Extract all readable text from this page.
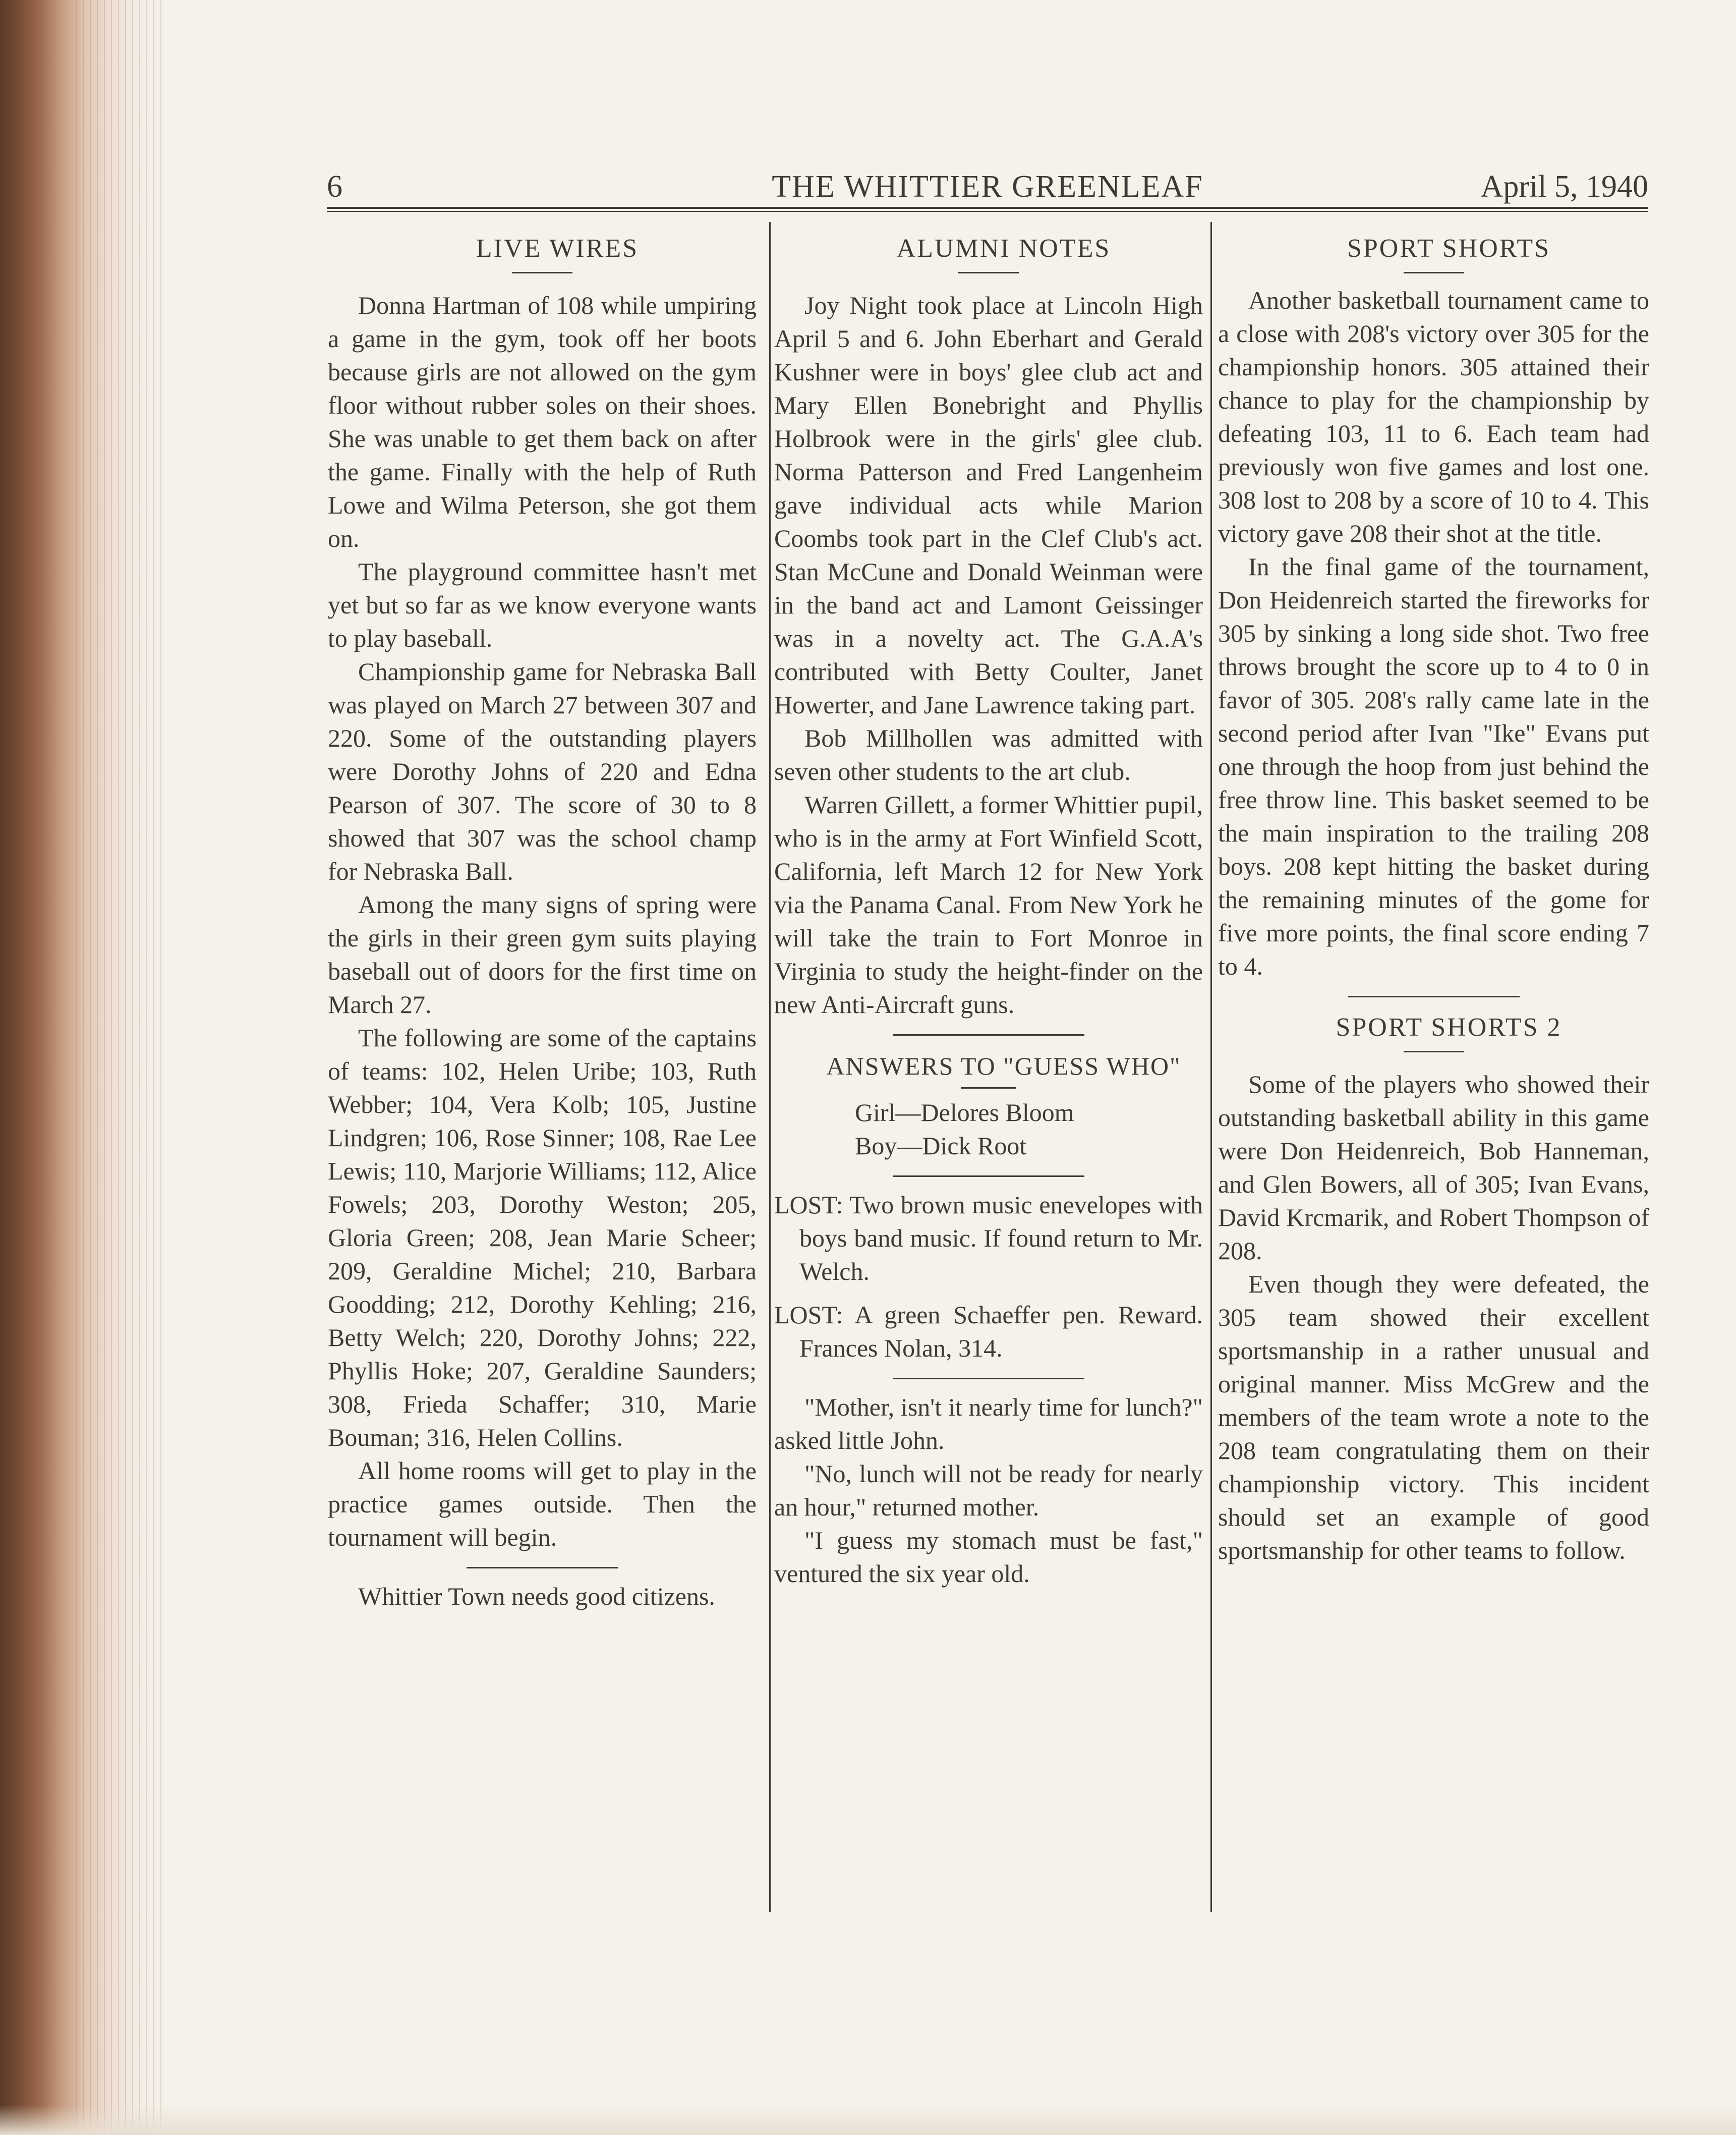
6	THE WHITTIER GREENLEAF	April 5, 1940

LIVE WIRES

Donna Hartman of 108 while umpiring a game in the gym, took off her boots because girls are not allowed on the gym floor without rubber soles on their shoes. She was unable to get them back on after the game. Finally with the help of Ruth Lowe and Wilma Peterson, she got them on.

The playground committee hasn't met yet but so far as we know everyone wants to play baseball.

Championship game for Nebraska Ball was played on March 27 between 307 and 220. Some of the outstanding players were Dorothy Johns of 220 and Edna Pearson of 307. The score of 30 to 8 showed that 307 was the school champ for Nebraska Ball.

Among the many signs of spring were the girls in their green gym suits playing baseball out of doors for the first time on March 27.

The following are some of the captains of teams: 102, Helen Uribe; 103, Ruth Webber; 104, Vera Kolb; 105, Justine Lindgren; 106, Rose Sinner; 108, Rae Lee Lewis; 110, Marjorie Williams; 112, Alice Fowels; 203, Dorothy Weston; 205, Gloria Green; 208, Jean Marie Scheer; 209, Geraldine Michel; 210, Barbara Goodding; 212, Dorothy Kehling; 216, Betty Welch; 220, Dorothy Johns; 222, Phyllis Hoke; 207, Geraldine Saunders; 308, Frieda Schaffer; 310, Marie Bouman; 316, Helen Collins.

All home rooms will get to play in the practice games outside. Then the tournament will begin.

Whittier Town needs good citizens.

ALUMNI NOTES

Joy Night took place at Lincoln High April 5 and 6. John Eberhart and Gerald Kushner were in boys' glee club act and Mary Ellen Bonebright and Phyllis Holbrook were in the girls' glee club. Norma Patterson and Fred Langenheim gave individual acts while Marion Coombs took part in the Clef Club's act. Stan McCune and Donald Weinman were in the band act and Lamont Geissinger was in a novelty act. The G.A.A's contributed with Betty Coulter, Janet Howerter, and Jane Lawrence taking part.

Bob Millhollen was admitted with seven other students to the art club.

Warren Gillett, a former Whittier pupil, who is in the army at Fort Winfield Scott, California, left March 12 for New York via the Panama Canal. From New York he will take the train to Fort Monroe in Virginia to study the height-finder on the new Anti-Aircraft guns.

ANSWERS TO "GUESS WHO"

Girl—Delores Bloom
Boy—Dick Root

LOST: Two brown music enevelopes with boys band music. If found return to Mr. Welch.

LOST: A green Schaeffer pen. Reward. Frances Nolan, 314.

"Mother, isn't it nearly time for lunch?" asked little John.

"No, lunch will not be ready for nearly an hour," returned mother.

"I guess my stomach must be fast," ventured the six year old.

SPORT SHORTS

Another basketball tournament came to a close with 208's victory over 305 for the championship honors. 305 attained their chance to play for the championship by defeating 103, 11 to 6. Each team had previously won five games and lost one. 308 lost to 208 by a score of 10 to 4. This victory gave 208 their shot at the title.

In the final game of the tournament, Don Heidenreich started the fireworks for 305 by sinking a long side shot. Two free throws brought the score up to 4 to 0 in favor of 305. 208's rally came late in the second period after Ivan "Ike" Evans put one through the hoop from just behind the free throw line. This basket seemed to be the main inspiration to the trailing 208 boys. 208 kept hitting the basket during the remaining minutes of the gome for five more points, the final score ending 7 to 4.

SPORT SHORTS 2

Some of the players who showed their outstanding basketball ability in this game were Don Heidenreich, Bob Hanneman, and Glen Bowers, all of 305; Ivan Evans, David Krcmarik, and Robert Thompson of 208.

Even though they were defeated, the 305 team showed their excellent sportsmanship in a rather unusual and original manner. Miss McGrew and the members of the team wrote a note to the 208 team congratulating them on their championship victory. This incident should set an example of good sportsmanship for other teams to follow.
